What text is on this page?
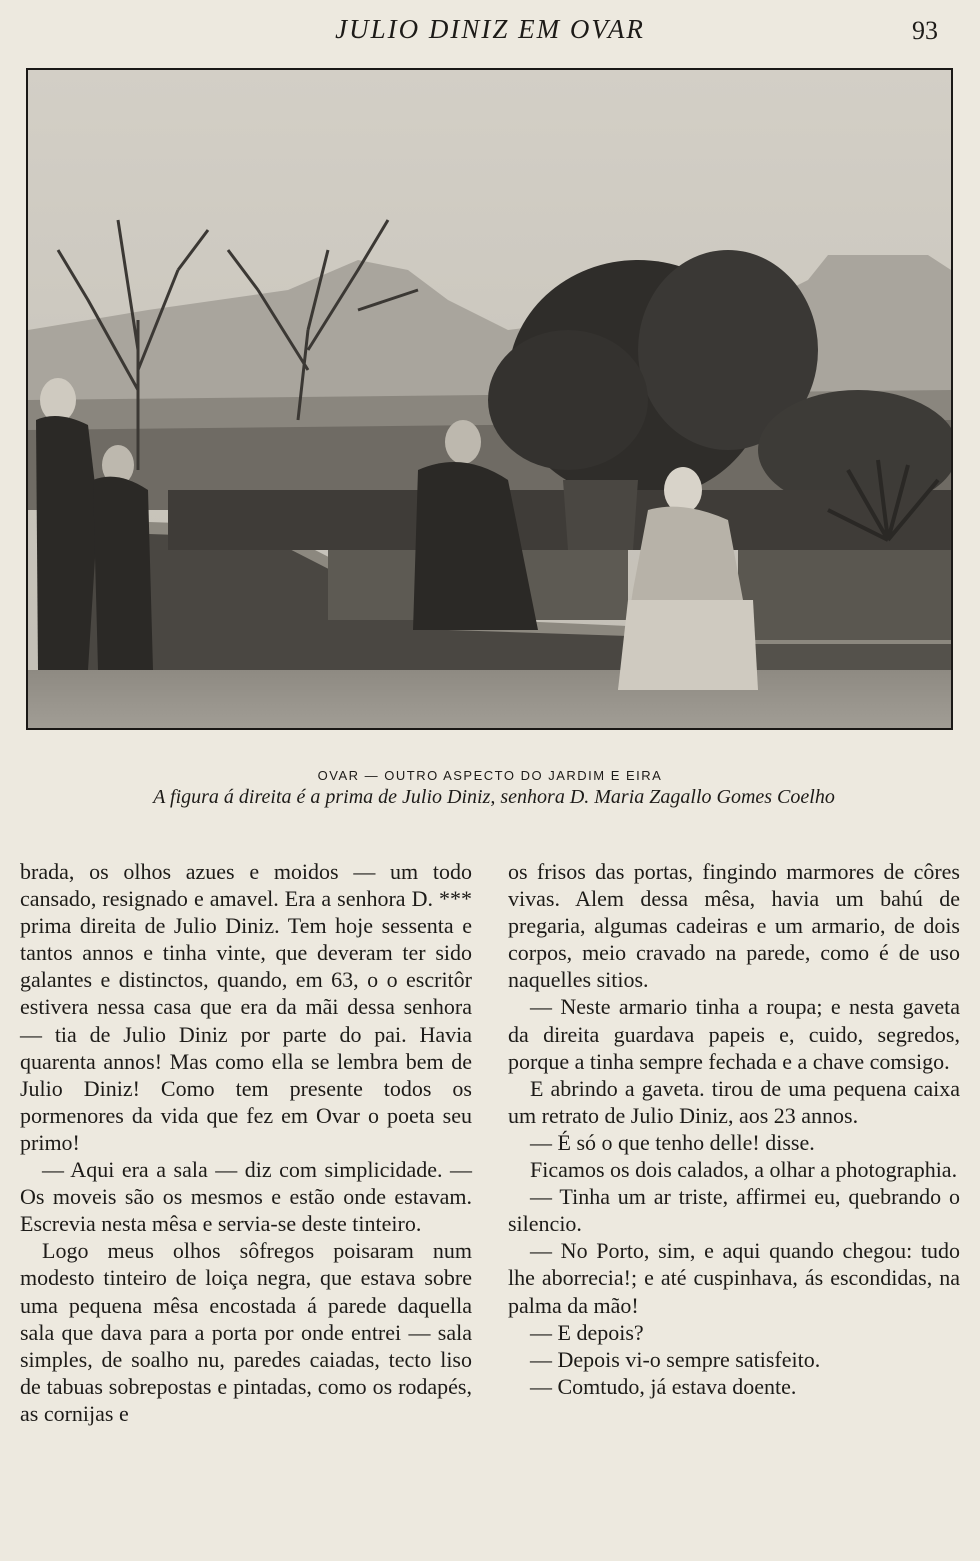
JULIO DINIZ EM OVAR	93
OVAR — OUTRO ASPECTO DO JARDIM E EIRA
A figura á direita é a prima de Julio Diniz, senhora D. Maria Zagallo Gomes Coelho

brada, os olhos azues e moidos — um todo cansado, resignado e amavel. Era a senhora D. *** prima direita de Julio Diniz. Tem hoje sessenta e tantos annos e tinha vinte, que deveram ter sido galantes e distinctos, quando, em 63, o o escritôr estivera nessa casa que era da mãi dessa senhora — tia de Julio Diniz por parte do pai. Havia quarenta annos! Mas como ella se lembra bem de Julio Diniz! Como tem presente todos os pormenores da vida que fez em Ovar o poeta seu primo!

— Aqui era a sala — diz com simplicidade. — Os moveis são os mesmos e estão onde estavam. Escrevia nesta mêsa e servia-se deste tinteiro.

Logo meus olhos sôfregos poisaram num modesto tinteiro de loiça negra, que estava sobre uma pequena mêsa encostada á parede daquella sala que dava para a porta por onde entrei — sala simples, de soalho nu, paredes caiadas, tecto liso de tabuas sobrepostas e pintadas, como os rodapés, as cornijas e

os frisos das portas, fingindo marmores de côres vivas. Alem dessa mêsa, havia um bahú de pregaria, algumas cadeiras e um armario, de dois corpos, meio cravado na parede, como é de uso naquelles sitios.

— Neste armario tinha a roupa; e nesta gaveta da direita guardava papeis e, cuido, segredos, porque a tinha sempre fechada e a chave comsigo.

E abrindo a gaveta. tirou de uma pequena caixa um retrato de Julio Diniz, aos 23 annos.

— É só o que tenho delle! disse.

Ficamos os dois calados, a olhar a photographia.

— Tinha um ar triste, affirmei eu, quebrando o silencio.

— No Porto, sim, e aqui quando chegou: tudo lhe aborrecia!; e até cuspinhava, ás escondidas, na palma da mão!

— E depois?

— Depois vi-o sempre satisfeito.

— Comtudo, já estava doente.
